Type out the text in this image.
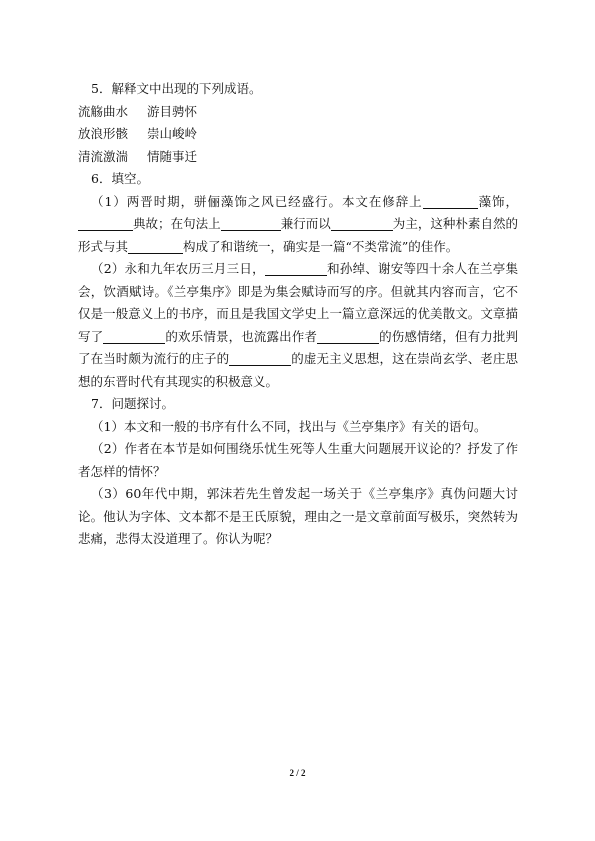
5．解释文中出现的下列成语。
流觞曲水	游目骋怀
放浪形骸	崇山峻岭
清流激湍	情随事迁
6．填空。
（1）两晋时期，骈俪藻饰之风已经盛行。本文在修辞上	藻饰，典故；在句法上	兼行而以	为主，这种朴素自然的形式与其	构成了和谐统一，确实是一篇“不类常流”的佳作。
（2）永和九年农历三月三日，	和孙绰、谢安等四十余人在兰亭集会，饮酒赋诗。《兰亭集序》即是为集会赋诗而写的序。但就其内容而言，它不仅是一般意义上的书序，而且是我国文学史上一篇立意深远的优美散文。文章描写了	的欢乐情景，也流露出作者	的伤感情绪，但有力批判了在当时颇为流行的庄子的	的虚无主义思想，这在崇尚玄学、老庄思想的东晋时代有其现实的积极意义。
7．问题探讨。
（1）本文和一般的书序有什么不同，找出与《兰亭集序》有关的语句。
（2）作者在本节是如何围绕乐忧生死等人生重大问题展开议论的？抒发了作者怎样的情怀？
（3）60年代中期，郭沫若先生曾发起一场关于《兰亭集序》真伪问题大讨论。他认为字体、文本都不是王氏原貌，理由之一是文章前面写极乐，突然转为悲痛，悲得太没道理了。你认为呢？
2 / 2
